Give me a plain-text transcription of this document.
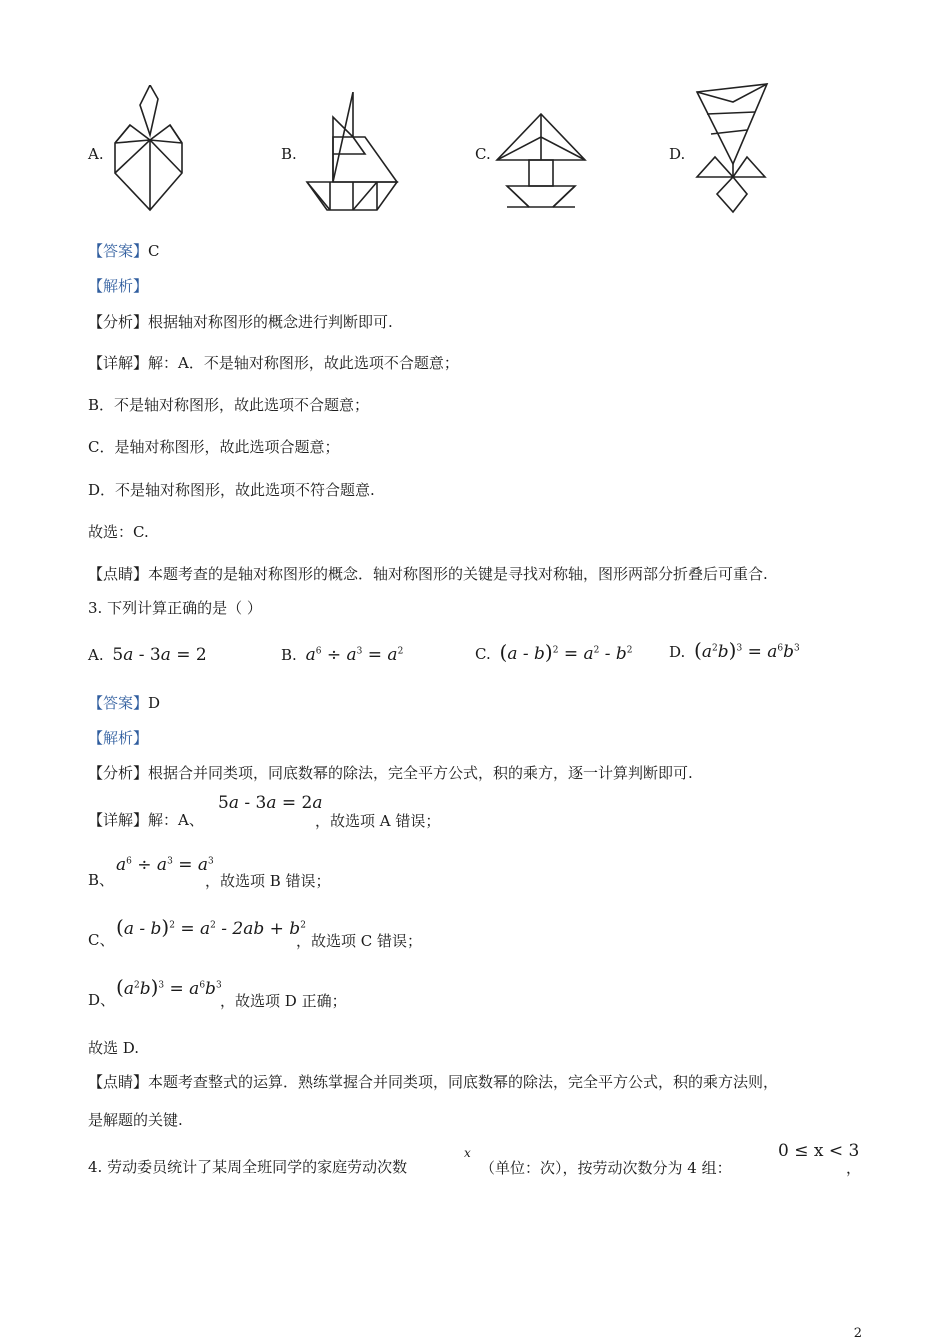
A.	B.	C.	D.
【答案】C
【解析】
【分析】根据轴对称图形的概念进行判断即可.
【详解】解：A．不是轴对称图形，故此选项不合题意；
B．不是轴对称图形，故此选项不合题意；
C．是轴对称图形，故此选项合题意；
D．不是轴对称图形，故此选项不符合题意.
故选：C.
【点睛】本题考查的是轴对称图形的概念．轴对称图形的关键是寻找对称轴，图形两部分折叠后可重合.
3. 下列计算正确的是（ ）
A. 5a - 3a = 2	B. $a^6 \div a^3 = a^2$	C. $(a - b)^2 = a^2 - b^2$ D. $(a^2b)^3 = a^6b^3$
【答案】D
【解析】
【分析】根据合并同类项，同底数幂的除法，完全平方公式，积的乘方，逐一计算判断即可.
【详解】解：A、
5a - 3a = 2a
，故选项 A 错误；
B、
$a^6 \div a^3 = a^3$
，故选项 B 错误；
C、
$(a - b)^2 = a^2 - 2ab + b^2$
，故选项 C 错误；
D、
$(a^2b)^3 = a^6b^3$
，故选项 D 正确；
故选 D.
【点睛】本题考查整式的运算．熟练掌握合并同类项，同底数幂的除法，完全平方公式，积的乘方法则，
是解题的关键.
4. 劳动委员统计了某周全班同学的家庭劳动次数
x
（单位：次），按劳动次数分为 4 组：
0 ≤ x < 3
，
2
